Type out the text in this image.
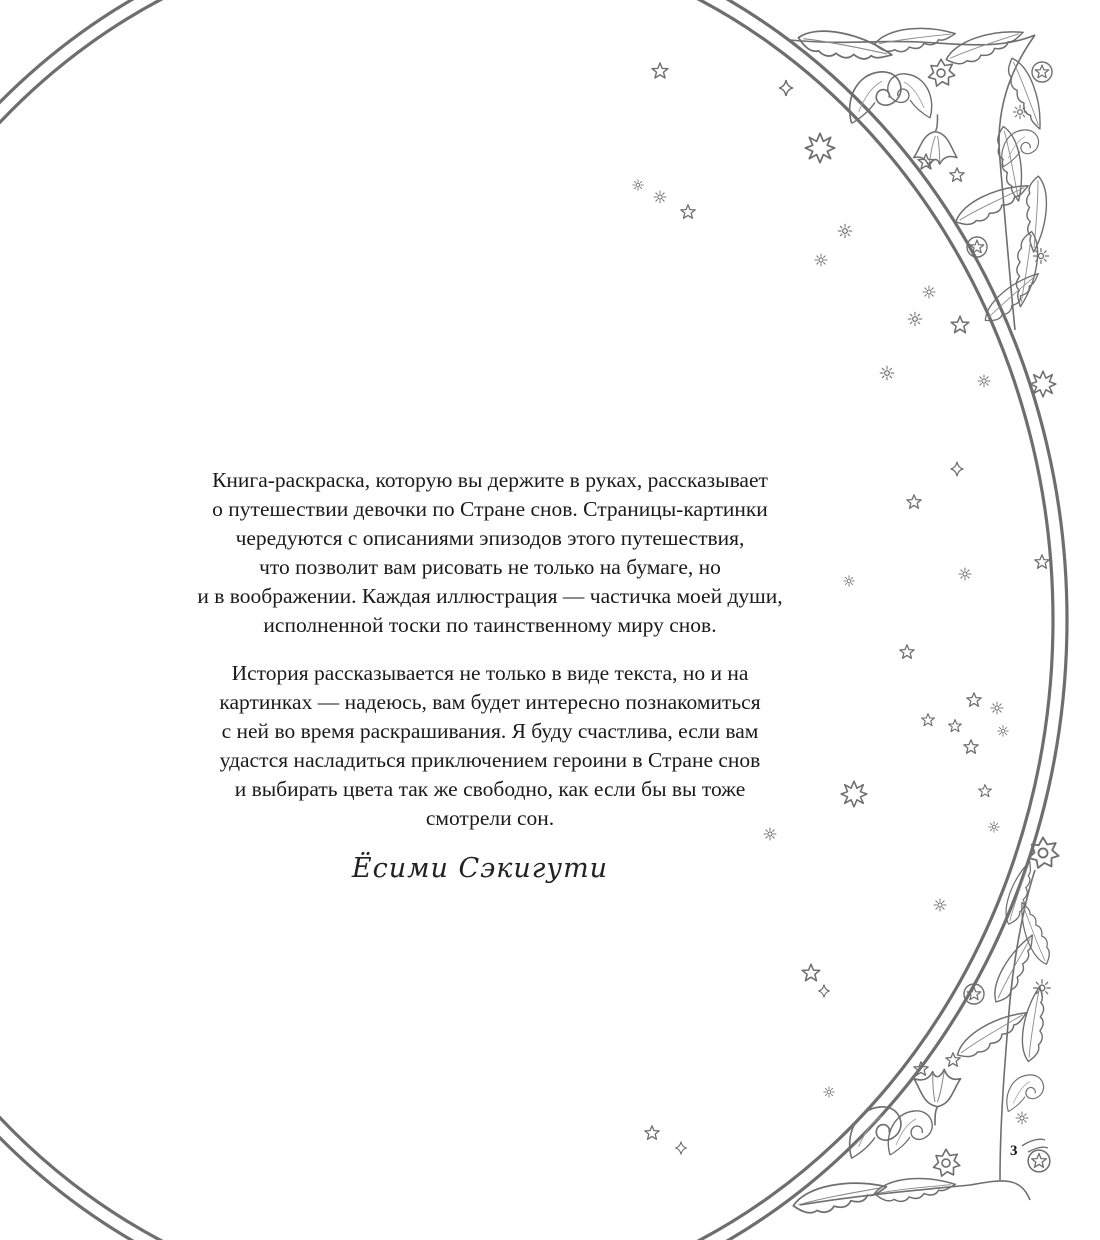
Книга-раскраска, которую вы держите в руках, рассказывает
о путешествии девочки по Стране снов. Страницы-картинки
чередуются с описаниями эпизодов этого путешествия,
что позволит вам рисовать не только на бумаге, но
и в воображении. Каждая иллюстрация — частичка моей души,
исполненной тоски по таинственному миру снов.

История рассказывается не только в виде текста, но и на
картинках — надеюсь, вам будет интересно познакомиться
с ней во время раскрашивания. Я буду счастлива, если вам
удастся насладиться приключением героини в Стране снов
и выбирать цвета так же свободно, как если бы вы тоже
смотрели сон.

Ёсими Сэкигути
3
